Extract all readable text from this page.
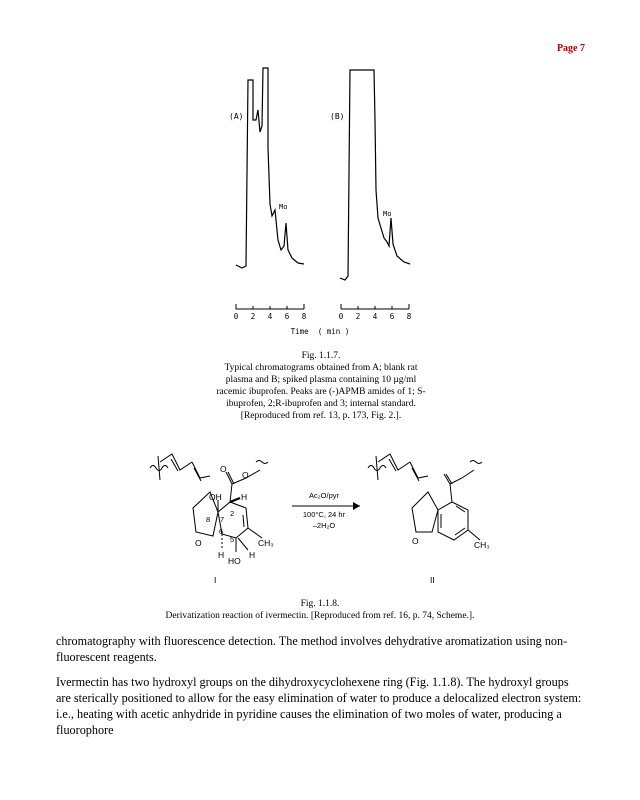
Page 7
(A)
Mo
0 2 4 6 8
(B)
Mo
0 2 4 6 8
Time  ( min )
Fig. 1.1.7.
Typical chromatograms obtained from A; blank rat plasma and B; spiked plasma containing 10 µg/ml racemic ibuprofen. Peaks are (-)APMB amides of 1; S-ibuprofen, 2;R-ibuprofen and 3; internal standard. [Reproduced from ref. 13, p. 173, Fig. 2.].
OH H
O
O
O	CH₃
H	H
HO
8 7
2
6
5
I
Ac₂O/pyr
100°C, 24 hr
–2H₂O
O	CH₃
II
Fig. 1.1.8.
Derivatization reaction of ivermectin. [Reproduced from ref. 16, p. 74, Scheme.].

chromatography with fluorescence detection. The method involves dehydrative aromatization using non-fluorescent reagents.

Ivermectin has two hydroxyl groups on the dihydroxycyclohexene ring (Fig. 1.1.8). The hydroxyl groups are sterically positioned to allow for the easy elimination of water to produce a delocalized electron system: i.e., heating with acetic anhydride in pyridine causes the elimination of two moles of water, producing a fluorophore
